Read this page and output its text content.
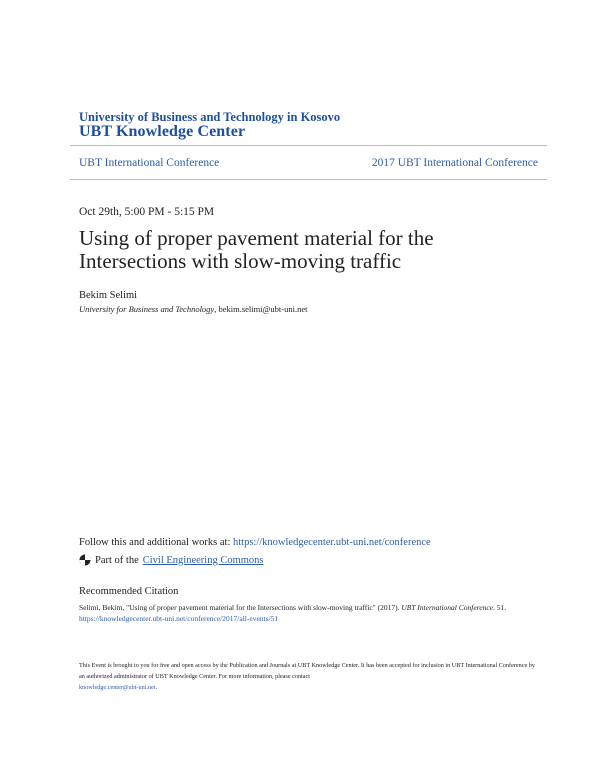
University of Business and Technology in Kosovo
UBT Knowledge Center
UBT International Conference	2017 UBT International Conference
Oct 29th, 5:00 PM - 5:15 PM
Using of proper pavement material for the Intersections with slow-moving traffic
Bekim Selimi
University for Business and Technology, bekim.selimi@ubt-uni.net
Follow this and additional works at: https://knowledgecenter.ubt-uni.net/conference
Part of the Civil Engineering Commons
Recommended Citation
Selimi, Bekim, "Using of proper pavement material for the Intersections with slow-moving traffic" (2017). UBT International Conference. 51.
https://knowledgecenter.ubt-uni.net/conference/2017/all-events/51
This Event is brought to you for free and open access by the Publication and Journals at UBT Knowledge Center. It has been accepted for inclusion in UBT International Conference by an authorized administrator of UBT Knowledge Center. For more information, please contact
knowledge.center@ubt-uni.net.
